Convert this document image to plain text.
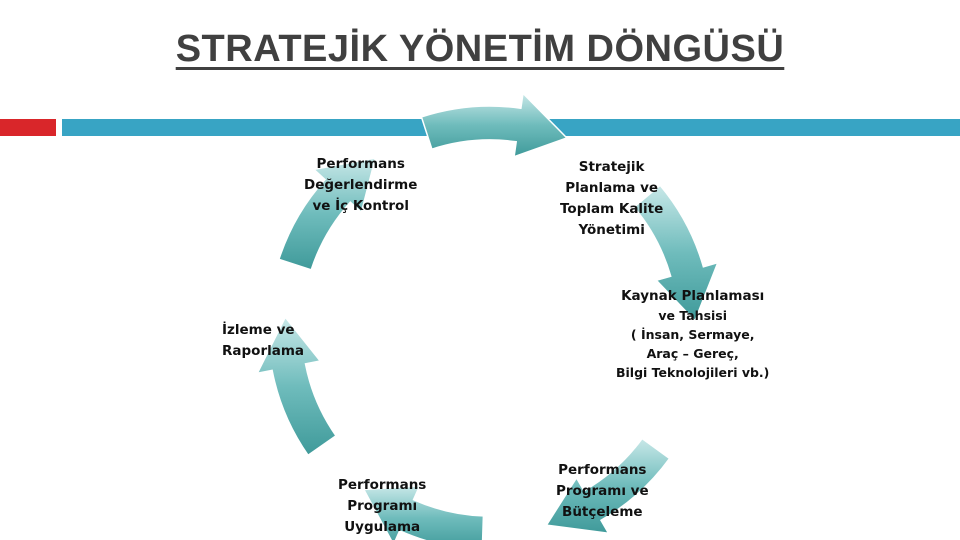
STRATEJİK YÖNETİM DÖNGÜSÜ
Performans
Değerlendirme
ve İç Kontrol
Stratejik
Planlama ve
Toplam Kalite
Yönetimi
Kaynak Planlaması
ve Tahsisi
( İnsan, Sermaye,
Araç – Gereç,
Bilgi Teknolojileri vb.)
Performans
Programı ve
Bütçeleme
Performans
Programı
Uygulama
İzleme ve
Raporlama
